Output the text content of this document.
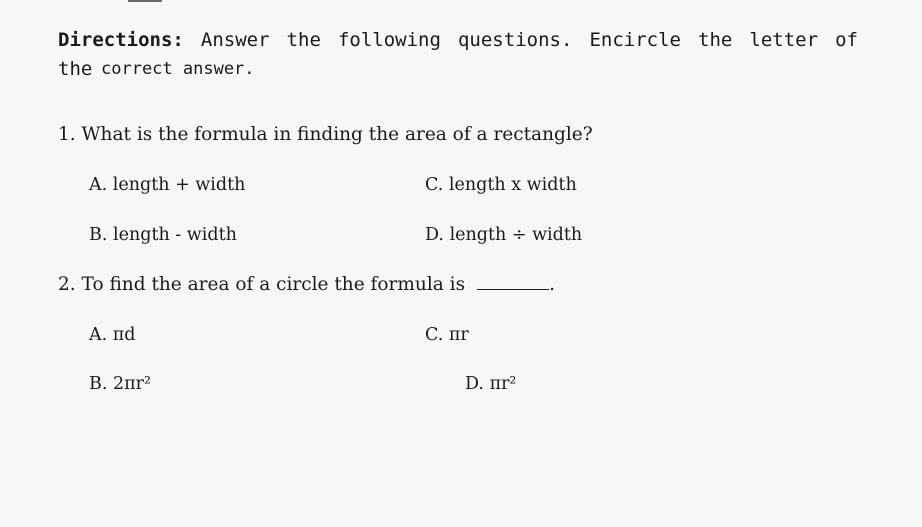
Directions: Answer the following questions. Encircle the letter of the correct answer.
1. What is the formula in finding the area of a rectangle?
A. length + width	C. length x width
B. length - width	D. length ÷ width
2. To find the area of a circle the formula is	.
A. πd	C. πr
B. 2πr²	D. πr²
